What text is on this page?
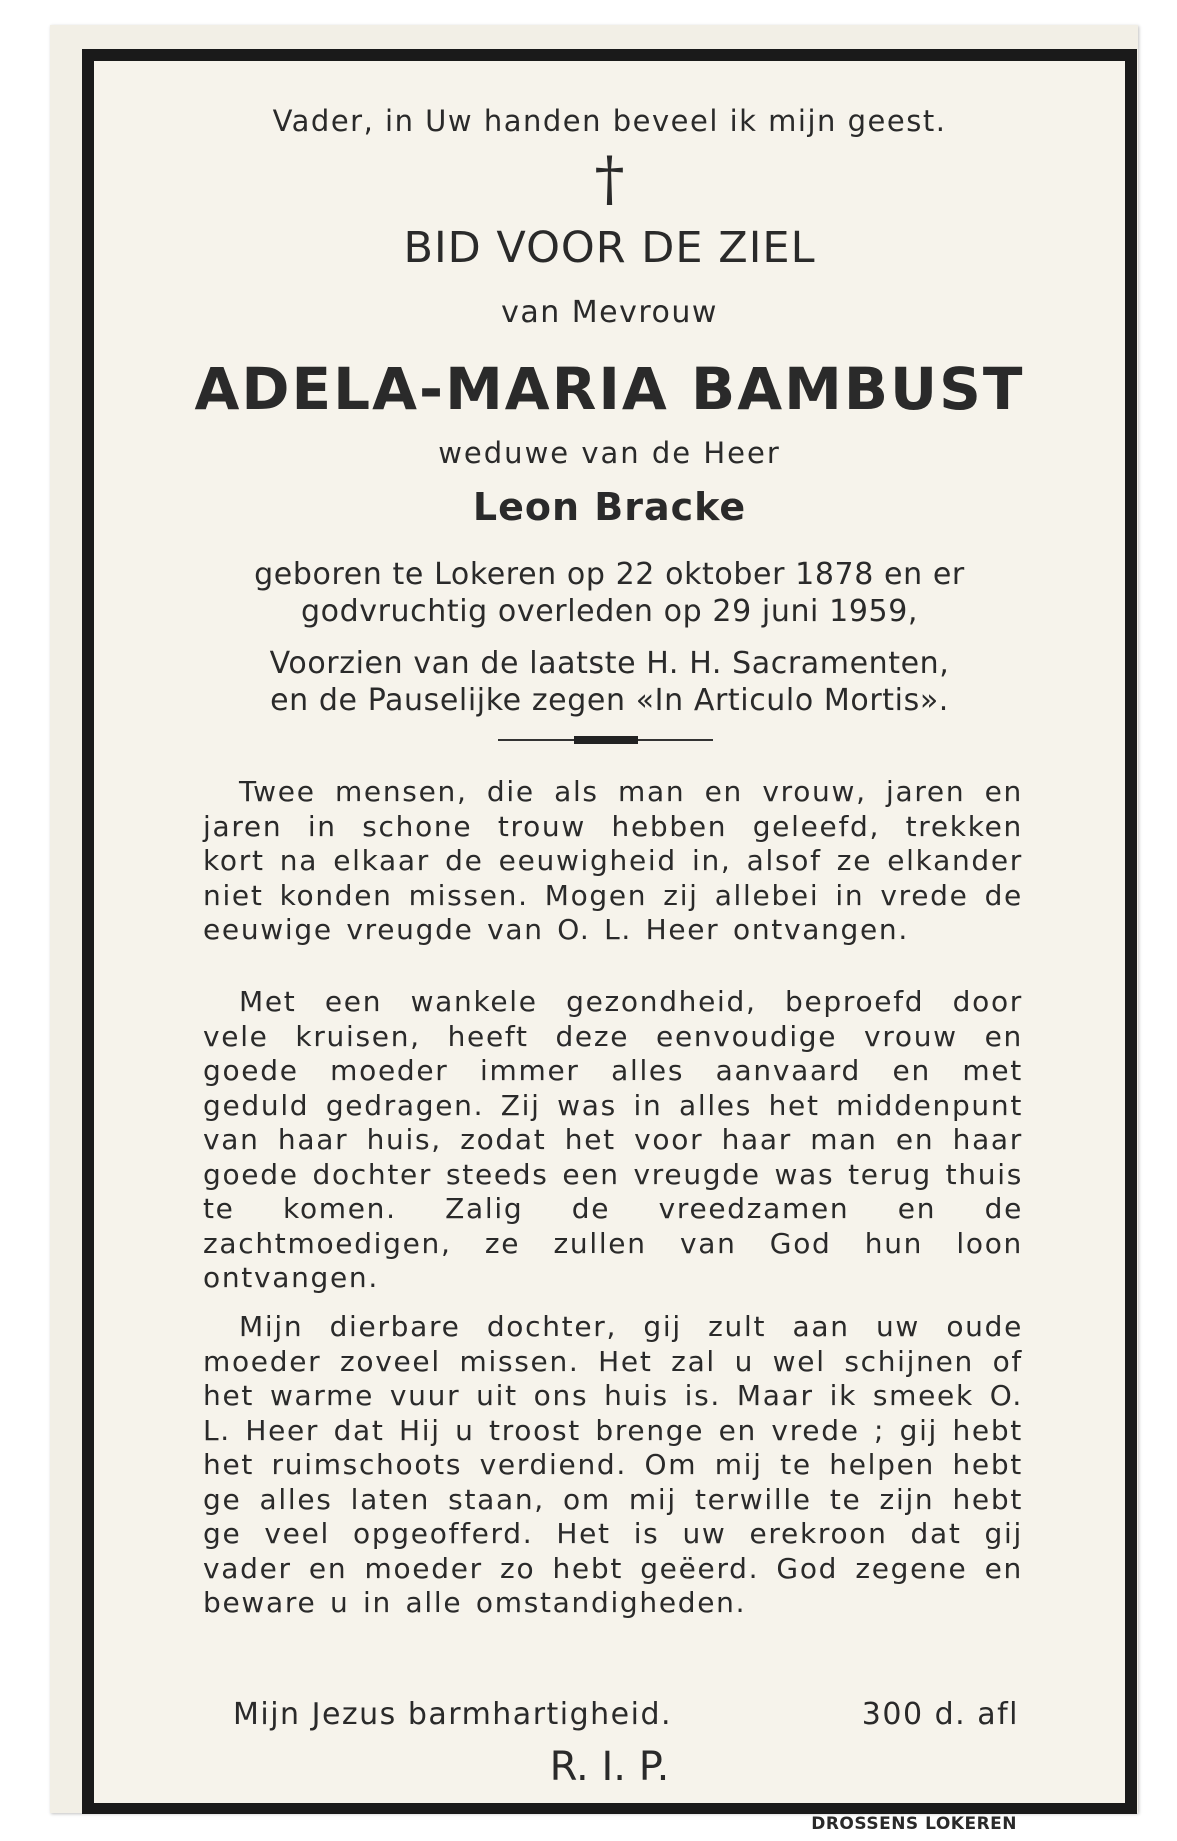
Vader, in Uw handen beveel ik mijn geest.
†
BID VOOR DE ZIEL
van Mevrouw
ADELA-MARIA BAMBUST
weduwe van de Heer
Leon Bracke
geboren te Lokeren op 22 oktober 1878 en er
godvruchtig overleden op 29 juni 1959,
Voorzien van de laatste H. H. Sacramenten,
en de Pauselijke zegen «In Articulo Mortis».
Twee mensen, die als man en vrouw, jaren en jaren in schone trouw hebben geleefd, trekken kort na elkaar de eeuwigheid in, alsof ze elkander niet konden missen. Mogen zij allebei in vrede de eeuwige vreugde van O. L. Heer ontvangen.
Met een wankele gezondheid, beproefd door vele kruisen, heeft deze eenvoudige vrouw en goede moeder immer alles aanvaard en met geduld gedragen. Zij was in alles het middenpunt van haar huis, zodat het voor haar man en haar goede dochter steeds een vreugde was terug thuis te komen. Zalig de vreedzamen en de zachtmoedigen, ze zullen van God hun loon ontvangen.
Mijn dierbare dochter, gij zult aan uw oude moeder zoveel missen. Het zal u wel schijnen of het warme vuur uit ons huis is. Maar ik smeek O. L. Heer dat Hij u troost brenge en vrede ; gij hebt het ruimschoots verdiend. Om mij te helpen hebt ge alles laten staan, om mij terwille te zijn hebt ge veel opgeofferd. Het is uw erekroon dat gij vader en moeder zo hebt geëerd. God zegene en beware u in alle omstandigheden.
Mijn Jezus barmhartigheid.	300 d. afl
R. I. P.
DROSSENS LOKEREN
